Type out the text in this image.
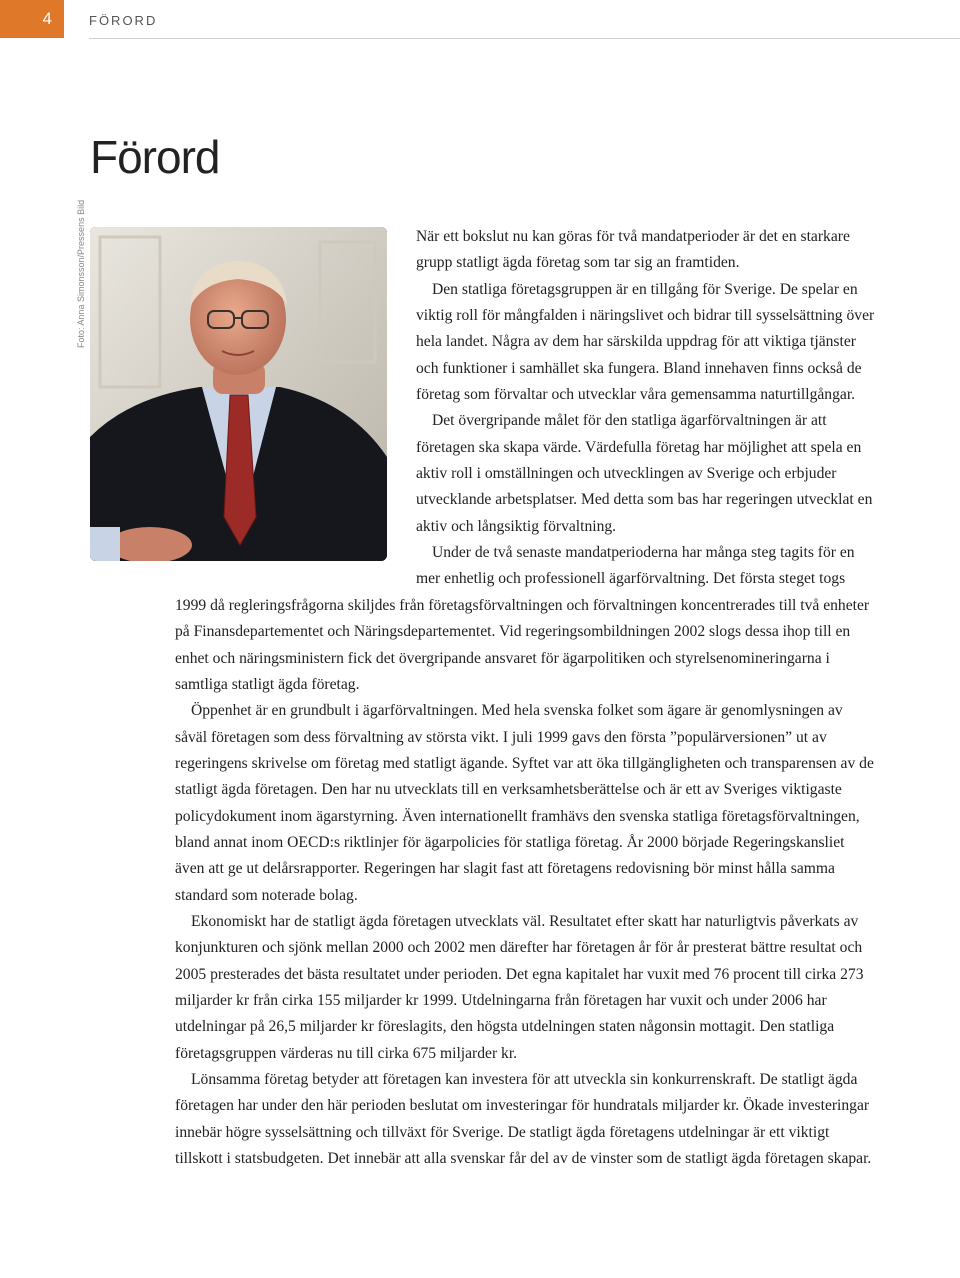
4	FÖRORD
Förord
Foto: Anna Simonsson/Pressens Bild	När ett bokslut nu kan göras för två mandatperioder är det en starkare grupp statligt ägda företag som tar sig an framtiden.

Den statliga företagsgruppen är en tillgång för Sverige. De spelar en viktig roll för mångfalden i näringslivet och bidrar till sysselsättning över hela landet. Några av dem har särskilda uppdrag för att viktiga tjänster och funktioner i samhället ska fungera. Bland innehaven finns också de företag som förvaltar och utvecklar våra gemensamma naturtillgångar.

Det övergripande målet för den statliga ägarförvaltningen är att företagen ska skapa värde. Värdefulla företag har möjlighet att spela en aktiv roll i omställningen och utvecklingen av Sverige och erbjuder utvecklande arbetsplatser. Med detta som bas har regeringen utvecklat en aktiv och långsiktig förvaltning.

Under de två senaste mandatperioderna har många steg tagits för en mer enhetlig och professionell ägarförvaltning. Det första steget togs 1999 då regleringsfrågorna skiljdes från företagsförvaltningen och förvaltningen koncentrerades till två enheter på Finansdepartementet och Näringsdepartementet. Vid regeringsombildningen 2002 slogs dessa ihop till en enhet och näringsministern fick det övergripande ansvaret för ägarpolitiken och styrelsenomineringarna i samtliga statligt ägda företag.

Öppenhet är en grundbult i ägarförvaltningen. Med hela svenska folket som ägare är genomlysningen av såväl företagen som dess förvaltning av största vikt. I juli 1999 gavs den första ”populärversionen” ut av regeringens skrivelse om företag med statligt ägande. Syftet var att öka tillgängligheten och transparensen av de statligt ägda företagen. Den har nu utvecklats till en verksamhetsberättelse och är ett av Sveriges viktigaste policydokument inom ägarstyrning. Även internationellt framhävs den svenska statliga företagsförvaltningen, bland annat inom OECD:s riktlinjer för ägarpolicies för statliga företag. År 2000 började Regeringskansliet även att ge ut delårsrapporter. Regeringen har slagit fast att företagens redovisning bör minst hålla samma standard som noterade bolag.

Ekonomiskt har de statligt ägda företagen utvecklats väl. Resultatet efter skatt har naturligtvis påverkats av konjunkturen och sjönk mellan 2000 och 2002 men därefter har företagen år för år presterat bättre resultat och 2005 presterades det bästa resultatet under perioden. Det egna kapitalet har vuxit med 76 procent till cirka 273 miljarder kr från cirka 155 miljarder kr 1999. Utdelningarna från företagen har vuxit och under 2006 har utdelningar på 26,5 miljarder kr föreslagits, den högsta utdelningen staten någonsin mottagit. Den statliga företagsgruppen värderas nu till cirka 675 miljarder kr.

Lönsamma företag betyder att företagen kan investera för att utveckla sin konkurrenskraft. De statligt ägda företagen har under den här perioden beslutat om investeringar för hundratals miljarder kr. Ökade investeringar innebär högre sysselsättning och tillväxt för Sverige. De statligt ägda företagens utdelningar är ett viktigt tillskott i statsbudgeten. Det innebär att alla svenskar får del av de vinster som de statligt ägda företagen skapar.
